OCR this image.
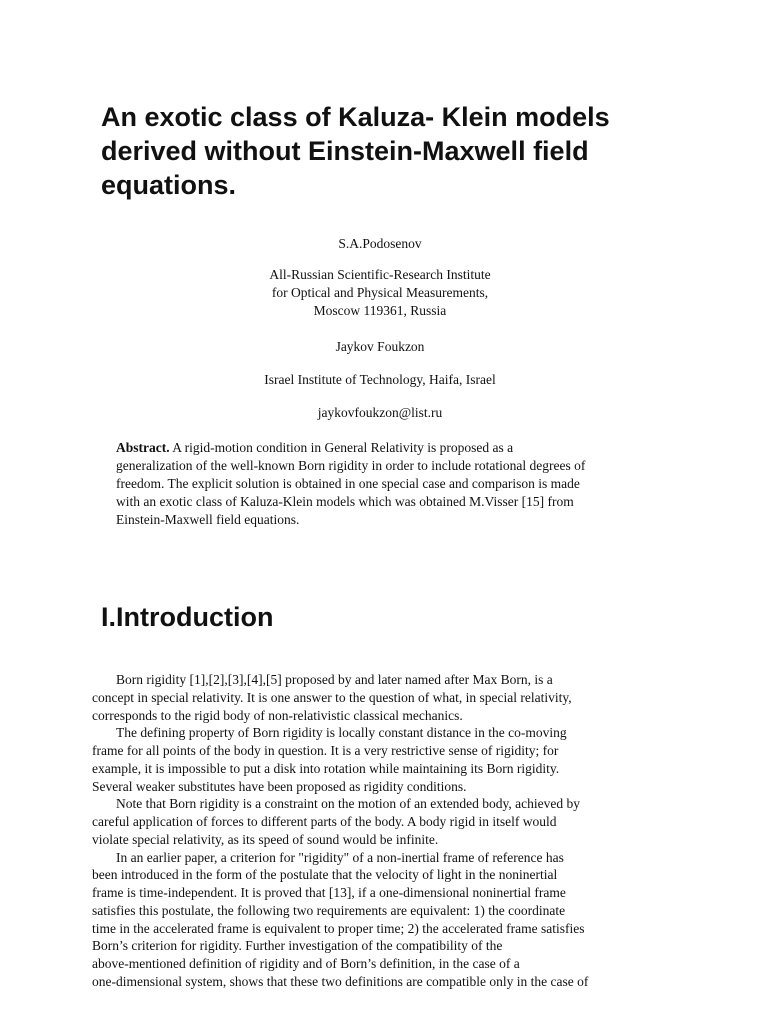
An exotic class of Kaluza- Klein models
derived without Einstein-Maxwell field
equations.
S.A.Podosenov
All-Russian Scientific-Research Institute
for Optical and Physical Measurements,
Moscow 119361, Russia
Jaykov Foukzon
Israel Institute of Technology, Haifa, Israel
jaykovfoukzon@list.ru
Abstract. A rigid-motion condition in General Relativity is proposed as a
generalization of the well-known Born rigidity in order to include rotational degrees of
freedom. The explicit solution is obtained in one special case and comparison is made
with an exotic class of Kaluza-Klein models which was obtained M.Visser [15] from
Einstein-Maxwell field equations.
I.Introduction
Born rigidity [1],[2],[3],[4],[5] proposed by and later named after Max Born, is a
concept in special relativity. It is one answer to the question of what, in special relativity,
corresponds to the rigid body of non-relativistic classical mechanics.
The defining property of Born rigidity is locally constant distance in the co-moving
frame for all points of the body in question. It is a very restrictive sense of rigidity; for
example, it is impossible to put a disk into rotation while maintaining its Born rigidity.
Several weaker substitutes have been proposed as rigidity conditions.
Note that Born rigidity is a constraint on the motion of an extended body, achieved by
careful application of forces to different parts of the body. A body rigid in itself would
violate special relativity, as its speed of sound would be infinite.
In an earlier paper, a criterion for "rigidity" of a non-inertial frame of reference has
been introduced in the form of the postulate that the velocity of light in the noninertial
frame is time-independent. It is proved that [13], if a one-dimensional noninertial frame
satisfies this postulate, the following two requirements are equivalent: 1) the coordinate
time in the accelerated frame is equivalent to proper time; 2) the accelerated frame satisfies
Born’s criterion for rigidity. Further investigation of the compatibility of the
above-mentioned definition of rigidity and of Born’s definition, in the case of a
one-dimensional system, shows that these two definitions are compatible only in the case of
